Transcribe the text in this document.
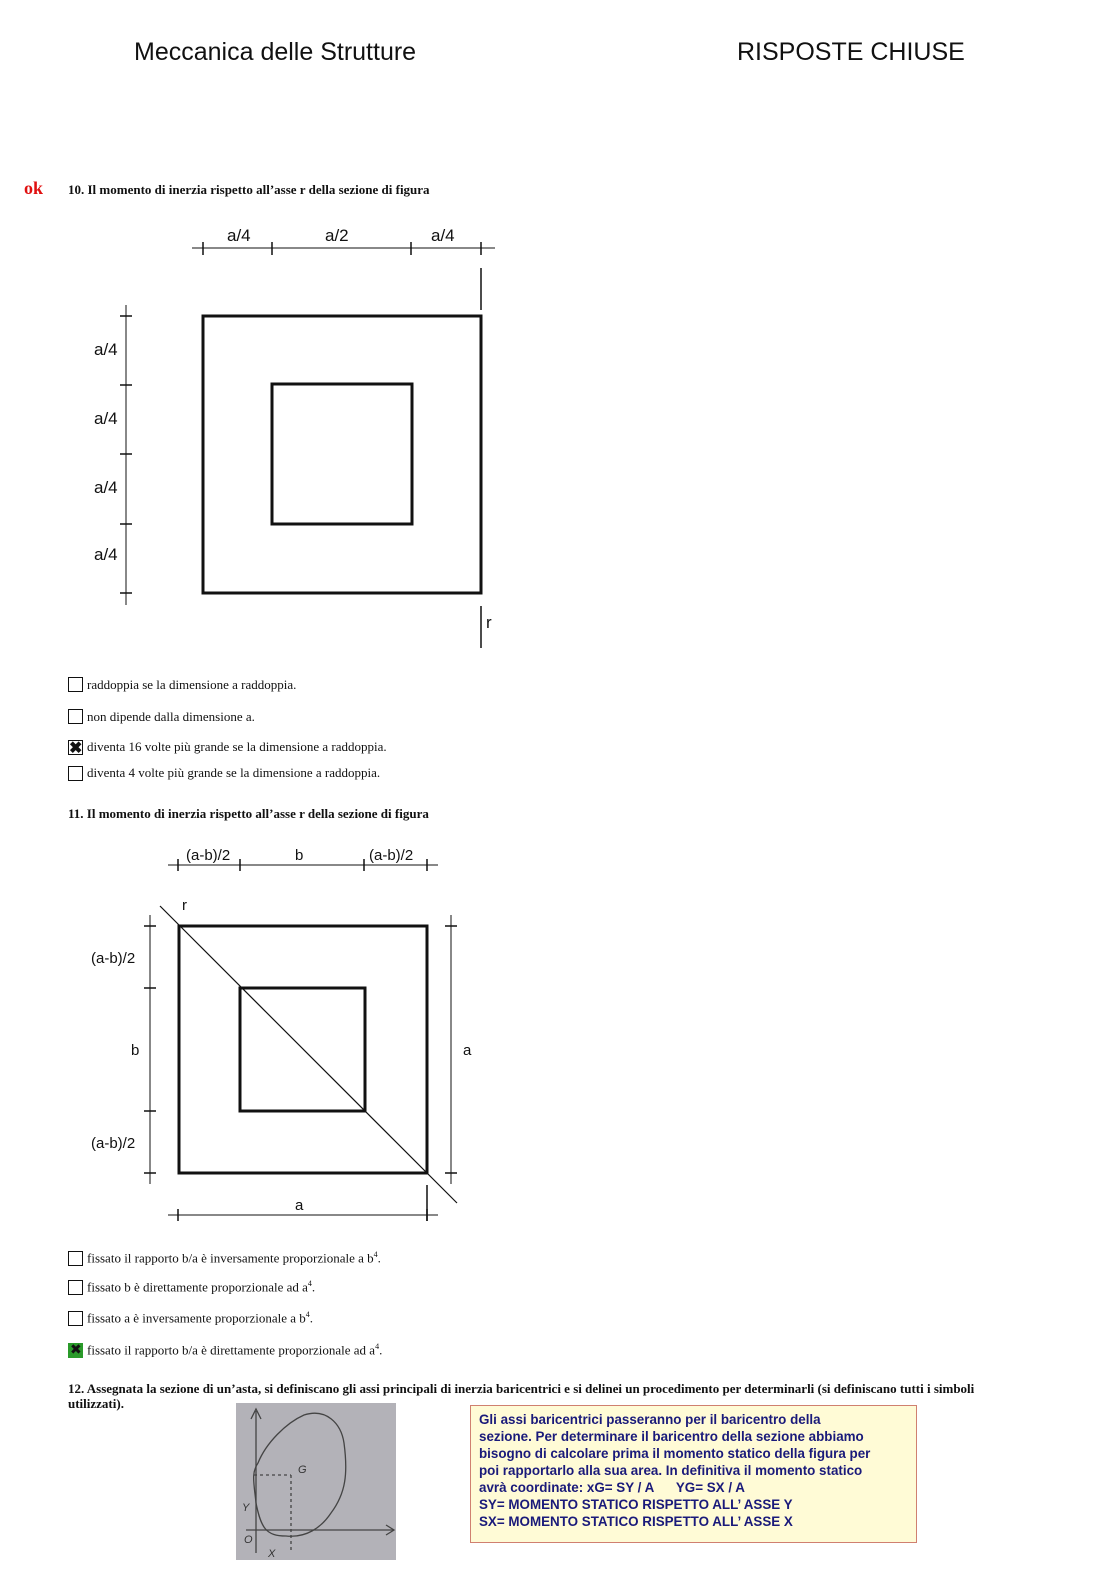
Meccanica delle Strutture	RISPOSTE CHIUSE
ok 10. Il momento di inerzia rispetto all’asse r della sezione di figura
a/4	a/2	a/4
a/4
a/4
a/4
a/4
r
(a-b)/2	b	(a-b)/2
(a-b)/2
b
(a-b)/2
a
a
r
raddoppia se la dimensione a raddoppia.
non dipende dalla dimensione a.
✖
diventa 16 volte più grande se la dimensione a raddoppia.
diventa 4 volte più grande se la dimensione a raddoppia.
11. Il momento di inerzia rispetto all’asse r della sezione di figura
fissato il rapporto b/a è inversamente proporzionale a $b^4$.
fissato b è direttamente proporzionale ad $a^4$.
fissato a è inversamente proporzionale a $b^4$.
✖
fissato il rapporto b/a è direttamente proporzionale ad $a^4$.
12. Assegnata la sezione di un’asta, si definiscano gli assi principali di inerzia baricentrici e si delinei un procedimento per determinarli (si definiscano tutti i simboli utilizzati).
G
O
Y
X
Gli assi baricentrici passeranno per il baricentro della
sezione. Per determinare il baricentro della sezione abbiamo
bisogno di calcolare prima il momento statico della figura per
poi rapportarlo alla sua area. In definitiva il momento statico
avrà coordinate: xG= SY / A      YG= SX / A
SY= MOMENTO STATICO RISPETTO ALL’ ASSE Y
SX= MOMENTO STATICO RISPETTO ALL’ ASSE X
